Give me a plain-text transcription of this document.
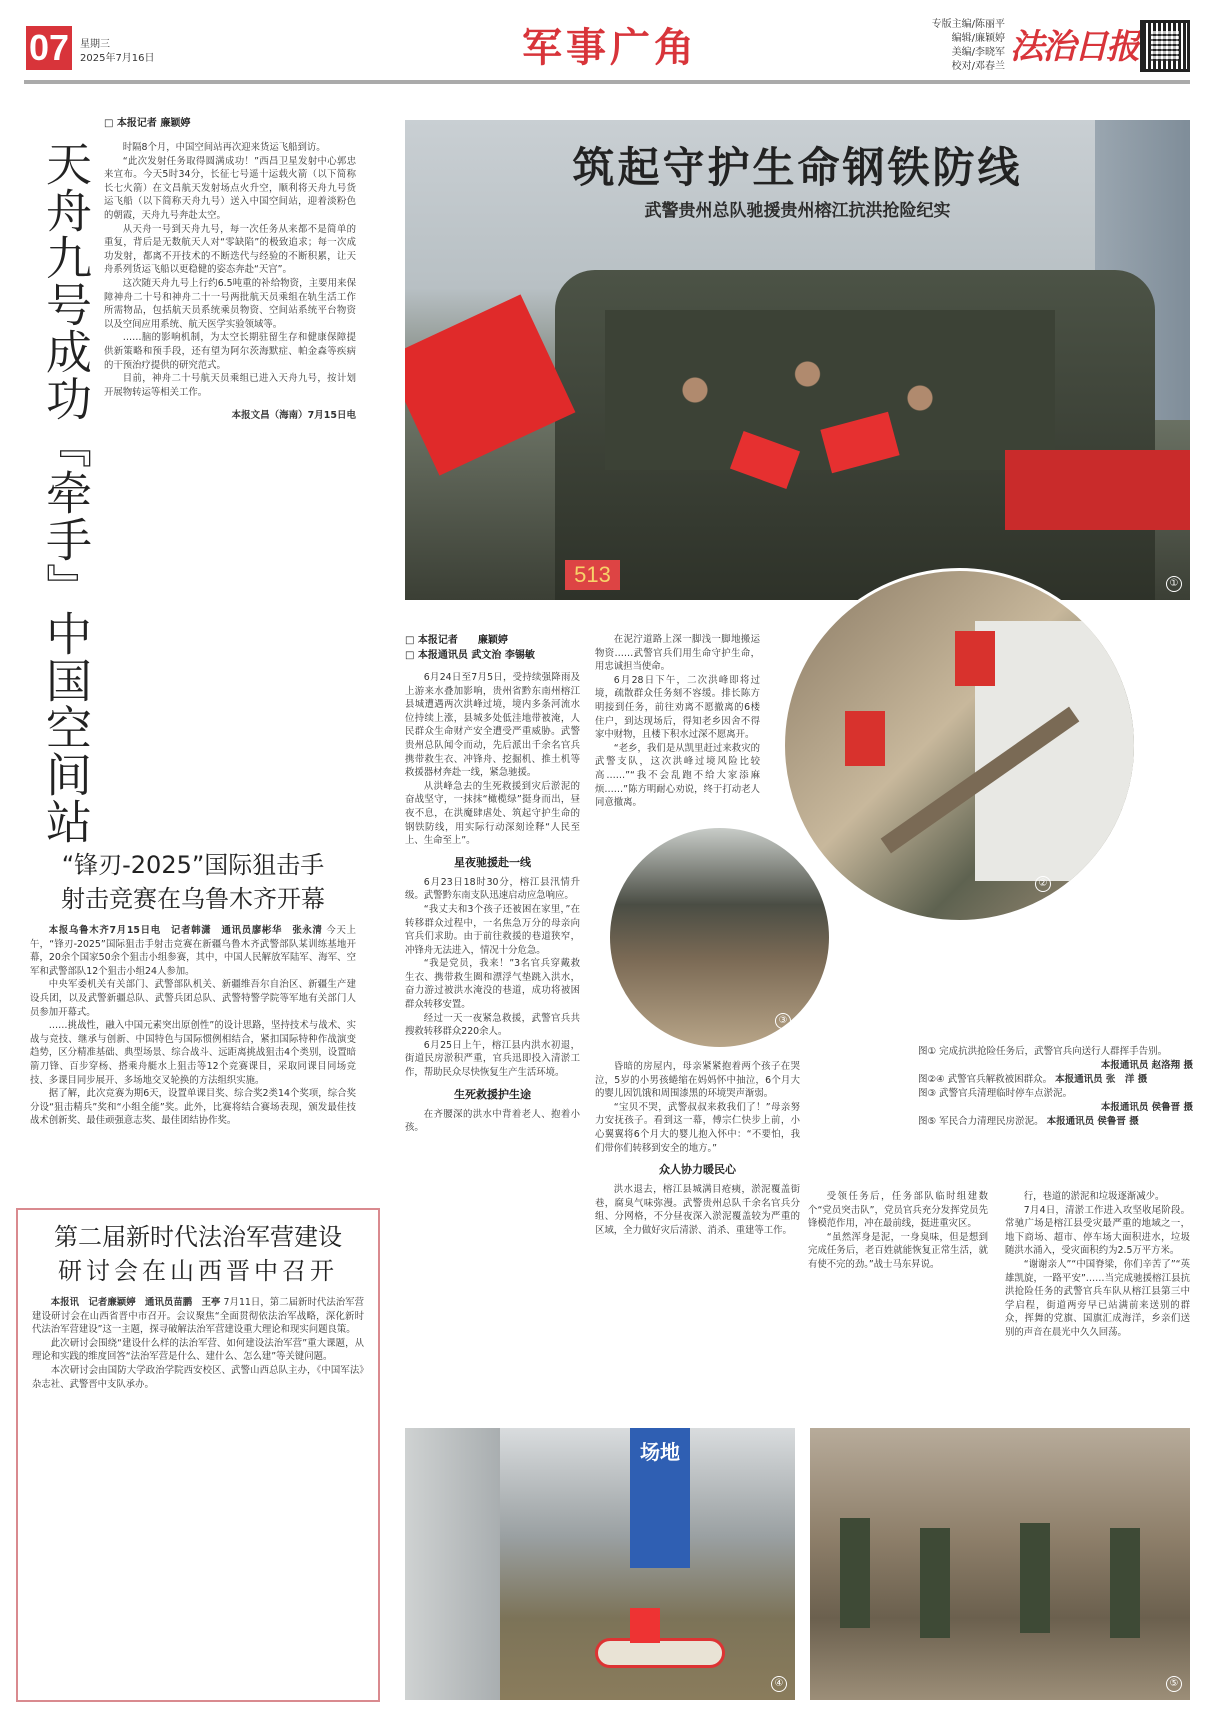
07 星期三
2025年7月16日	军事广角
专版主编/陈丽平
编辑/廉颖婷
美编/李晓军
校对/邓春兰 法治日报
天舟九号成功『牵手』中国空间站
□ 本报记者 廉颖婷

时隔8个月，中国空间站再次迎来货运飞船到访。

“此次发射任务取得圆满成功！”西昌卫星发射中心郭忠来宣布。今天5时34分，长征七号遥十运载火箭（以下简称长七火箭）在文昌航天发射场点火升空，顺利将天舟九号货运飞船（以下简称天舟九号）送入中国空间站，迎着淡粉色的朝霞，天舟九号奔赴太空。

从天舟一号到天舟九号，每一次任务从来都不是简单的重复，背后是无数航天人对“零缺陷”的极致追求；每一次成功发射，都离不开技术的不断迭代与经验的不断积累，让天舟系列货运飞船以更稳健的姿态奔赴“天宫”。

这次随天舟九号上行约6.5吨重的补给物资，主要用来保障神舟二十号和神舟二十一号两批航天员乘组在轨生活工作所需物品，包括航天员系统乘员物资、空间站系统平台物资以及空间应用系统、航天医学实验领域等。

……脑的影响机制，为太空长期驻留生存和健康保障提供新策略和预手段，还有望为阿尔茨海默症、帕金森等疾病的干预治疗提供的研究范式。

目前，神舟二十号航天员乘组已进入天舟九号，按计划开展物转运等相关工作。

本报文昌（海南）7月15日电
“锋刃-2025”国际狙击手
射击竞赛在乌鲁木齐开幕

本报乌鲁木齐7月15日电　记者韩潇　通讯员廖彬华　张永清 今天上午，“锋刃-2025”国际狙击手射击竞赛在新疆乌鲁木齐武警部队某训练基地开幕，20余个国家50余个狙击小组参赛，其中，中国人民解放军陆军、海军、空军和武警部队12个狙击小组24人参加。

中央军委机关有关部门、武警部队机关、新疆维吾尔自治区、新疆生产建设兵团，以及武警新疆总队、武警兵团总队、武警特警学院等军地有关部门人员参加开幕式。

……挑战性，融入中国元素突出原创性”的设计思路，坚持技术与战术、实战与竞技、继承与创新、中国特色与国际惯例相结合，紧扣国际特种作战演变趋势，区分精准基础、典型场景、综合战斗、远距离挑战狙击4个类别，设置暗箭刀锋、百步穿杨、搭乘舟艇水上狙击等12个竞赛课目，采取同课目同场竞技、多课目同步展开、多场地交叉轮换的方法组织实施。

据了解，此次竞赛为期6天，设置单课目奖、综合奖2类14个奖项，综合奖分设“狙击精兵”奖和“小组全能”奖。此外，比赛将结合赛场表现，颁发最佳技战术创新奖、最佳顽强意志奖、最佳团结协作奖。

第二届新时代法治军营建设
研讨会在山西晋中召开

本报讯　记者廉颖婷　通讯员苗鹏　王亭 7月11日，第二届新时代法治军营建设研讨会在山西省晋中市召开。会议聚焦“全面贯彻依法治军战略，深化新时代法治军营建设”这一主题，探寻破解法治军营建设重大理论和现实问题良策。

此次研讨会围绕“建设什么样的法治军营、如何建设法治军营”重大课题，从理论和实践的维度回答“法治军营是什么、建什么、怎么建”等关键问题。

本次研讨会由国防大学政治学院西安校区、武警山西总队主办，《中国军法》杂志社、武警晋中支队承办。

513
筑起守护生命钢铁防线
武警贵州总队驰援贵州榕江抗洪抢险纪实
①
②
③
□ 本报记者　　廉颖婷
□ 本报通讯员 武文治 李锡敏

6月24日至7月5日，受持续强降雨及上游来水叠加影响，贵州省黔东南州榕江县城遭遇两次洪峰过境，境内多条河流水位持续上涨，县城多处低洼地带被淹，人民群众生命财产安全遭受严重威胁。武警贵州总队闻令而动，先后派出千余名官兵携带救生衣、冲锋舟、挖掘机、推土机等救援器材奔赴一线，紧急驰援。

从洪峰急去的生死救援到灾后淤泥的奋战坚守，一抹抹“橄榄绿”挺身而出，昼夜不息，在洪魔肆虐处、筑起守护生命的钢铁防线，用实际行动深刻诠释“人民至上、生命至上”。

星夜驰援赴一线

6月23日18时30分，榕江县汛情升级。武警黔东南支队迅速启动应急响应。

“我丈夫和3个孩子还被困在家里，”在转移群众过程中，一名焦急万分的母亲向官兵们求助。由于前往救援的巷道狭窄，冲锋舟无法进入，情况十分危急。

“我是党员，我来！”3名官兵穿戴救生衣、携带救生圈和漂浮气垫跳入洪水，奋力游过被洪水淹没的巷道，成功将被困群众转移安置。

经过一天一夜紧急救援，武警官兵共搜救转移群众220余人。

6月25日上午，榕江县内洪水初退，街道民房淤积严重，官兵迅即投入清淤工作，帮助民众尽快恢复生产生活环境。

生死救援护生途

在齐腰深的洪水中背着老人、抱着小孩。

在泥泞道路上深一脚浅一脚地搬运物资……武警官兵们用生命守护生命，用忠诚担当使命。

6月28日下午，二次洪峰即将过境，疏散群众任务刻不容缓。排长陈方明接到任务，前往劝离不愿撤离的6楼住户，到达现场后，得知老乡因舍不得家中财物，且楼下积水过深不愿离开。

“老乡，我们是从凯里赶过来救灾的武警支队，这次洪峰过境风险比较高……”“我不会乱跑不给大家添麻烦……”陈方明耐心劝说，终于打动老人同意撤离。

昏暗的房屋内，母亲紧紧抱着两个孩子在哭泣，5岁的小男孩蜷缩在妈妈怀中抽泣，6个月大的婴儿因饥饿和周围漆黑的环境哭声渐弱。

“宝贝不哭，武警叔叔来救我们了！”母亲努力安抚孩子。看到这一幕，傅宗仁快步上前，小心翼翼将6个月大的婴儿抱入怀中：“不要怕，我们带你们转移到安全的地方。”

众人协力暖民心

洪水退去，榕江县城满目疮痍，淤泥覆盖街巷，腐臭气味弥漫。武警贵州总队千余名官兵分组、分网格，不分昼夜深入淤泥覆盖较为严重的区域，全力做好灾后清淤、消杀、重建等工作。

受领任务后，任务部队临时组建数个“党员突击队”，党员官兵充分发挥党员先锋模范作用，冲在最前线，挺进重灾区。

“虽然浑身是泥，一身臭味，但是想到完成任务后，老百姓就能恢复正常生活，就有使不完的劲。”战士马东昇说。

行，巷道的淤泥和垃圾逐渐减少。

7月4日，清淤工作进入攻坚收尾阶段。常驰广场是榕江县受灾最严重的地域之一，地下商场、超市、停车场大面积进水，垃圾随洪水涌入，受灾面积约为2.5万平方米。

“谢谢亲人”“中国脊梁，你们辛苦了”“英雄凯旋，一路平安”……当完成驰援榕江县抗洪抢险任务的武警官兵车队从榕江县第三中学启程，街道两旁早已站满前来送别的群众，挥舞的党旗、国旗汇成海洋，乡亲们送别的声音在晨光中久久回荡。

图① 完成抗洪抢险任务后，武警官兵向送行人群挥手告别。
本报通讯员 赵洛翔 摄
图②④ 武警官兵解救被困群众。 本报通讯员 张　洋 摄
图③ 武警官兵清理临时停车点淤泥。
本报通讯员 侯鲁晋 摄
图⑤ 军民合力清理民房淤泥。 本报通讯员 侯鲁晋 摄
场地
④	⑤
